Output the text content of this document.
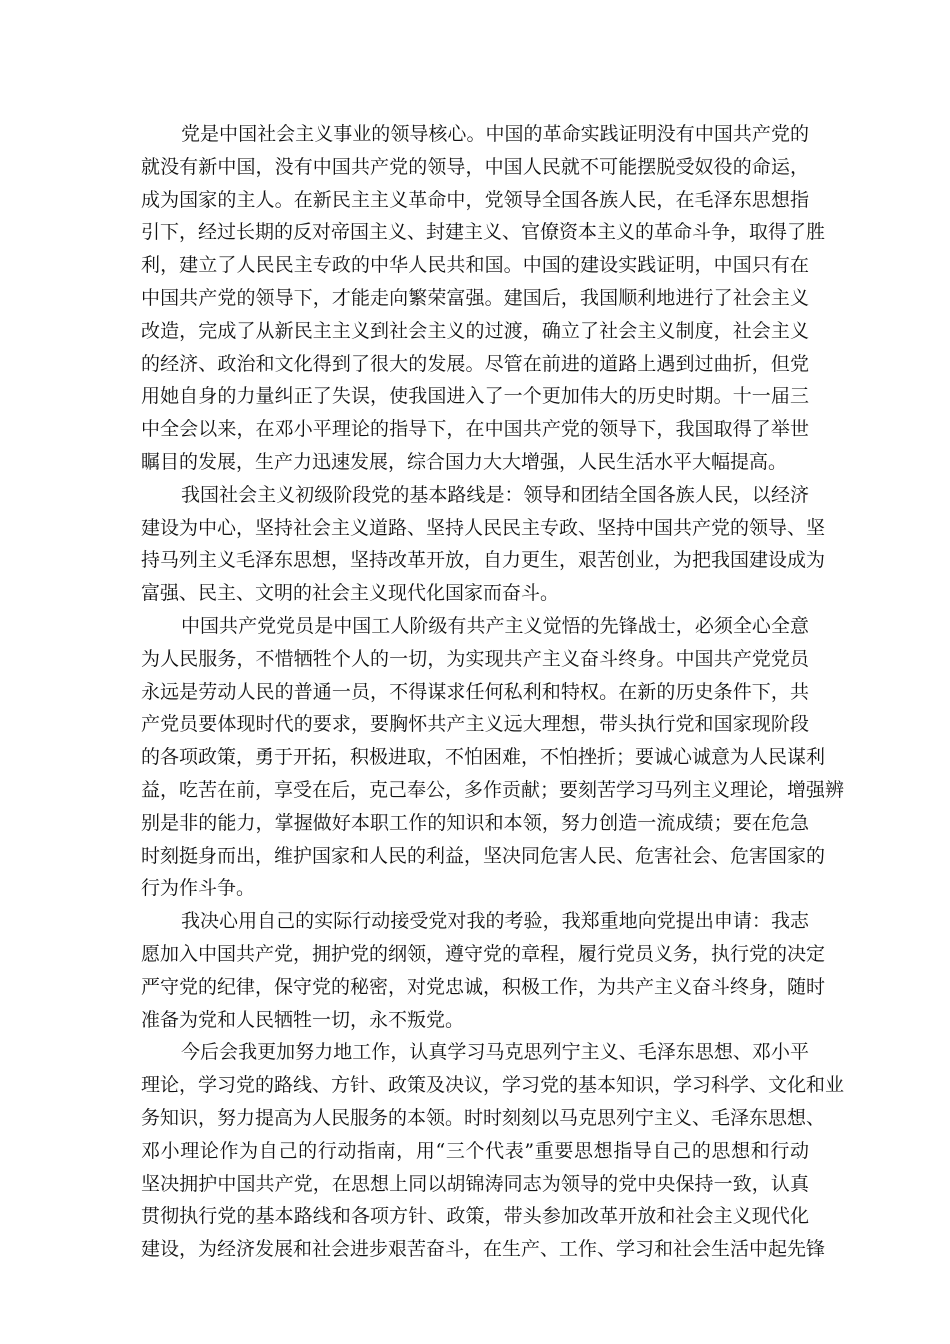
党是中国社会主义事业的领导核心。中国的革命实践证明没有中国共产党的
就没有新中国，没有中国共产党的领导，中国人民就不可能摆脱受奴役的命运，
成为国家的主人。在新民主主义革命中，党领导全国各族人民，在毛泽东思想指
引下，经过长期的反对帝国主义、封建主义、官僚资本主义的革命斗争，取得了胜
利，建立了人民民主专政的中华人民共和国。中国的建设实践证明，中国只有在
中国共产党的领导下，才能走向繁荣富强。建国后，我国顺利地进行了社会主义
改造，完成了从新民主主义到社会主义的过渡，确立了社会主义制度，社会主义
的经济、政治和文化得到了很大的发展。尽管在前进的道路上遇到过曲折，但党
用她自身的力量纠正了失误，使我国进入了一个更加伟大的历史时期。十一届三
中全会以来，在邓小平理论的指导下，在中国共产党的领导下，我国取得了举世
瞩目的发展，生产力迅速发展，综合国力大大增强，人民生活水平大幅提高。
我国社会主义初级阶段党的基本路线是：领导和团结全国各族人民，以经济
建设为中心，坚持社会主义道路、坚持人民民主专政、坚持中国共产党的领导、坚
持马列主义毛泽东思想，坚持改革开放，自力更生，艰苦创业，为把我国建设成为
富强、民主、文明的社会主义现代化国家而奋斗。
中国共产党党员是中国工人阶级有共产主义觉悟的先锋战士，必须全心全意
为人民服务，不惜牺牲个人的一切，为实现共产主义奋斗终身。中国共产党党员
永远是劳动人民的普通一员，不得谋求任何私利和特权。在新的历史条件下，共
产党员要体现时代的要求，要胸怀共产主义远大理想，带头执行党和国家现阶段
的各项政策，勇于开拓，积极进取，不怕困难，不怕挫折；要诚心诚意为人民谋利
益，吃苦在前，享受在后，克己奉公，多作贡献；要刻苦学习马列主义理论，增强辨
别是非的能力，掌握做好本职工作的知识和本领，努力创造一流成绩；要在危急
时刻挺身而出，维护国家和人民的利益，坚决同危害人民、危害社会、危害国家的
行为作斗争。
我决心用自己的实际行动接受党对我的考验，我郑重地向党提出申请：我志
愿加入中国共产党，拥护党的纲领，遵守党的章程，履行党员义务，执行党的决定
严守党的纪律，保守党的秘密，对党忠诚，积极工作，为共产主义奋斗终身，随时
准备为党和人民牺牲一切，永不叛党。
今后会我更加努力地工作，认真学习马克思列宁主义、毛泽东思想、邓小平
理论，学习党的路线、方针、政策及决议，学习党的基本知识，学习科学、文化和业
务知识，努力提高为人民服务的本领。时时刻刻以马克思列宁主义、毛泽东思想、
邓小理论作为自己的行动指南，用“三个代表”重要思想指导自己的思想和行动
坚决拥护中国共产党，在思想上同以胡锦涛同志为领导的党中央保持一致，认真
贯彻执行党的基本路线和各项方针、政策，带头参加改革开放和社会主义现代化
建设，为经济发展和社会进步艰苦奋斗，在生产、工作、学习和社会生活中起先锋
